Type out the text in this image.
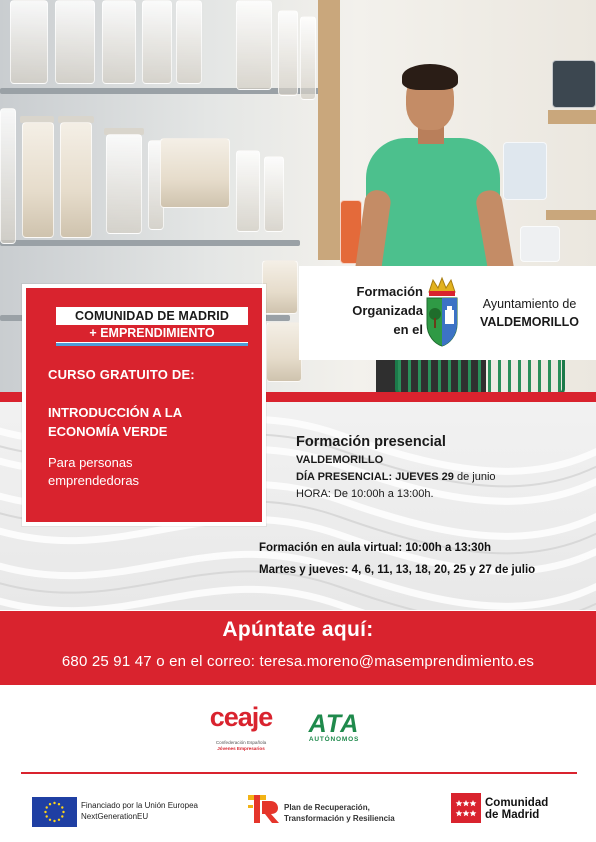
COMUNIDAD DE MADRID
+ EMPRENDIMIENTO
CURSO GRATUITO DE:
INTRODUCCIÓN A LA
ECONOMÍA VERDE
Para personas
emprendedoras
Formación
Organizada
en el
Ayuntamiento de
VALDEMORILLO
Formación presencial
VALDEMORILLO
DÍA PRESENCIAL: JUEVES 29 de junio
HORA: De 10:00h a 13:00h.
Formación en aula virtual: 10:00h a 13:30h
Martes y jueves: 4, 6, 11, 13, 18, 20, 25 y 27 de julio
Apúntate aquí:
680 25 91 47 o en el correo: teresa.moreno@masemprendimiento.es
ceaje
Confederación Española
Jóvenes Empresarios
ATA
AUTÓNOMOS
Financiado por la Unión Europea
NextGenerationEU
Plan de Recuperación,
Transformación y Resiliencia
Comunidad
de Madrid
